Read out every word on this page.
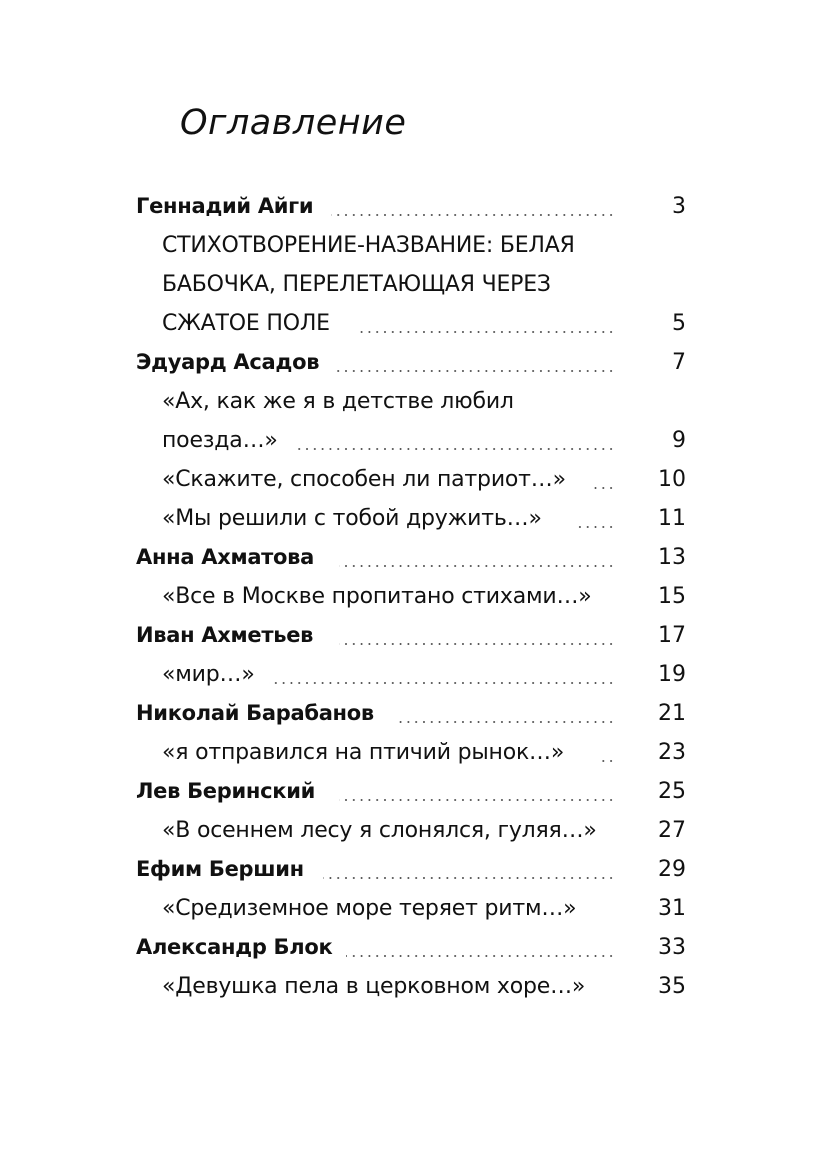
Оглавление
Геннадий Айги	3
СТИХОТВОРЕНИЕ-НАЗВАНИЕ: БЕЛАЯ
БАБОЧКА, ПЕРЕЛЕТАЮЩАЯ ЧЕРЕЗ
СЖАТОЕ ПОЛЕ	5
Эдуард Асадов	7
«Ах, как же я в детстве любил
поезда…»	9
«Скажите, способен ли патриот…»	10
«Мы решили с тобой дружить…»	11
Анна Ахматова	13
«Все в Москве пропитано стихами…»	15
Иван Ахметьев	17
«мир…»	19
Николай Барабанов	21
«я отправился на птичий рынок…»	23
Лев Беринский	25
«В осеннем лесу я слонялся, гуляя…»	27
Ефим Бершин	29
«Средиземное море теряет ритм…»	31
Александр Блок	33
«Девушка пела в церковном хоре…»	35
